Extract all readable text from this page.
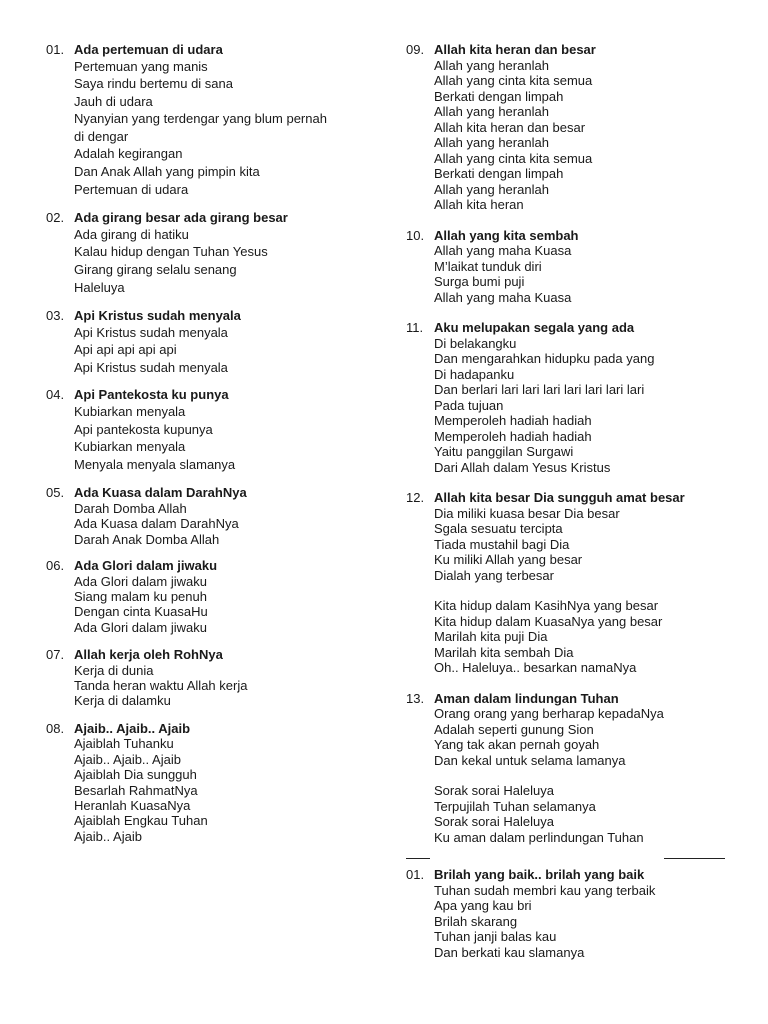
01. Ada pertemuan di udara
Pertemuan yang manis
Saya rindu bertemu di sana
Jauh di udara
Nyanyian yang terdengar yang blum pernah
di dengar
Adalah kegirangan
Dan Anak Allah yang pimpin kita
Pertemuan di udara
02. Ada girang besar ada girang besar
Ada girang di hatiku
Kalau hidup dengan Tuhan Yesus
Girang girang selalu senang
Haleluya
03. Api Kristus sudah menyala
Api Kristus sudah menyala
Api api api api api
Api Kristus sudah menyala
04. Api Pantekosta ku punya
Kubiarkan menyala
Api pantekosta kupunya
Kubiarkan menyala
Menyala menyala slamanya
05. Ada Kuasa dalam DarahNya
Darah Domba Allah
Ada Kuasa dalam DarahNya
Darah Anak Domba Allah
06. Ada Glori dalam jiwaku
Ada Glori dalam jiwaku
Siang malam ku penuh
Dengan cinta KuasaHu
Ada Glori dalam jiwaku
07. Allah kerja oleh RohNya
Kerja di dunia
Tanda heran waktu Allah kerja
Kerja di dalamku
08. Ajaib.. Ajaib.. Ajaib
Ajaiblah Tuhanku
Ajaib.. Ajaib.. Ajaib
Ajaiblah Dia sungguh
Besarlah RahmatNya
Heranlah KuasaNya
Ajaiblah Engkau Tuhan
Ajaib.. Ajaib
09. Allah kita heran dan besar
Allah yang heranlah
Allah yang cinta kita semua
Berkati dengan limpah
Allah yang heranlah
Allah kita heran dan besar
Allah yang heranlah
Allah yang cinta kita semua
Berkati dengan limpah
Allah yang heranlah
Allah kita heran
10. Allah yang kita sembah
Allah yang maha Kuasa
M’laikat tunduk diri
Surga bumi puji
Allah yang maha Kuasa
11. Aku melupakan segala yang ada
Di belakangku
Dan mengarahkan hidupku pada yang
Di hadapanku
Dan berlari lari lari lari lari lari lari lari
Pada tujuan
Memperoleh hadiah hadiah
Memperoleh hadiah hadiah
Yaitu panggilan Surgawi
Dari Allah dalam Yesus Kristus
12. Allah kita besar Dia sungguh amat besar
Dia miliki kuasa besar Dia besar
Sgala sesuatu tercipta
Tiada mustahil bagi Dia
Ku miliki Allah yang besar
Dialah yang terbesar
Kita hidup dalam KasihNya yang besar
Kita hidup dalam KuasaNya yang besar
Marilah kita puji Dia
Marilah kita sembah Dia
Oh.. Haleluya.. besarkan namaNya
13. Aman dalam lindungan Tuhan
Orang orang yang berharap kepadaNya
Adalah seperti gunung Sion
Yang tak akan pernah goyah
Dan kekal untuk selama lamanya
Sorak sorai Haleluya
Terpujilah Tuhan selamanya
Sorak sorai Haleluya
Ku aman dalam perlindungan Tuhan
01. Brilah yang baik.. brilah yang baik
Tuhan sudah membri kau yang terbaik
Apa yang kau bri
Brilah skarang
Tuhan janji balas kau
Dan berkati kau slamanya
